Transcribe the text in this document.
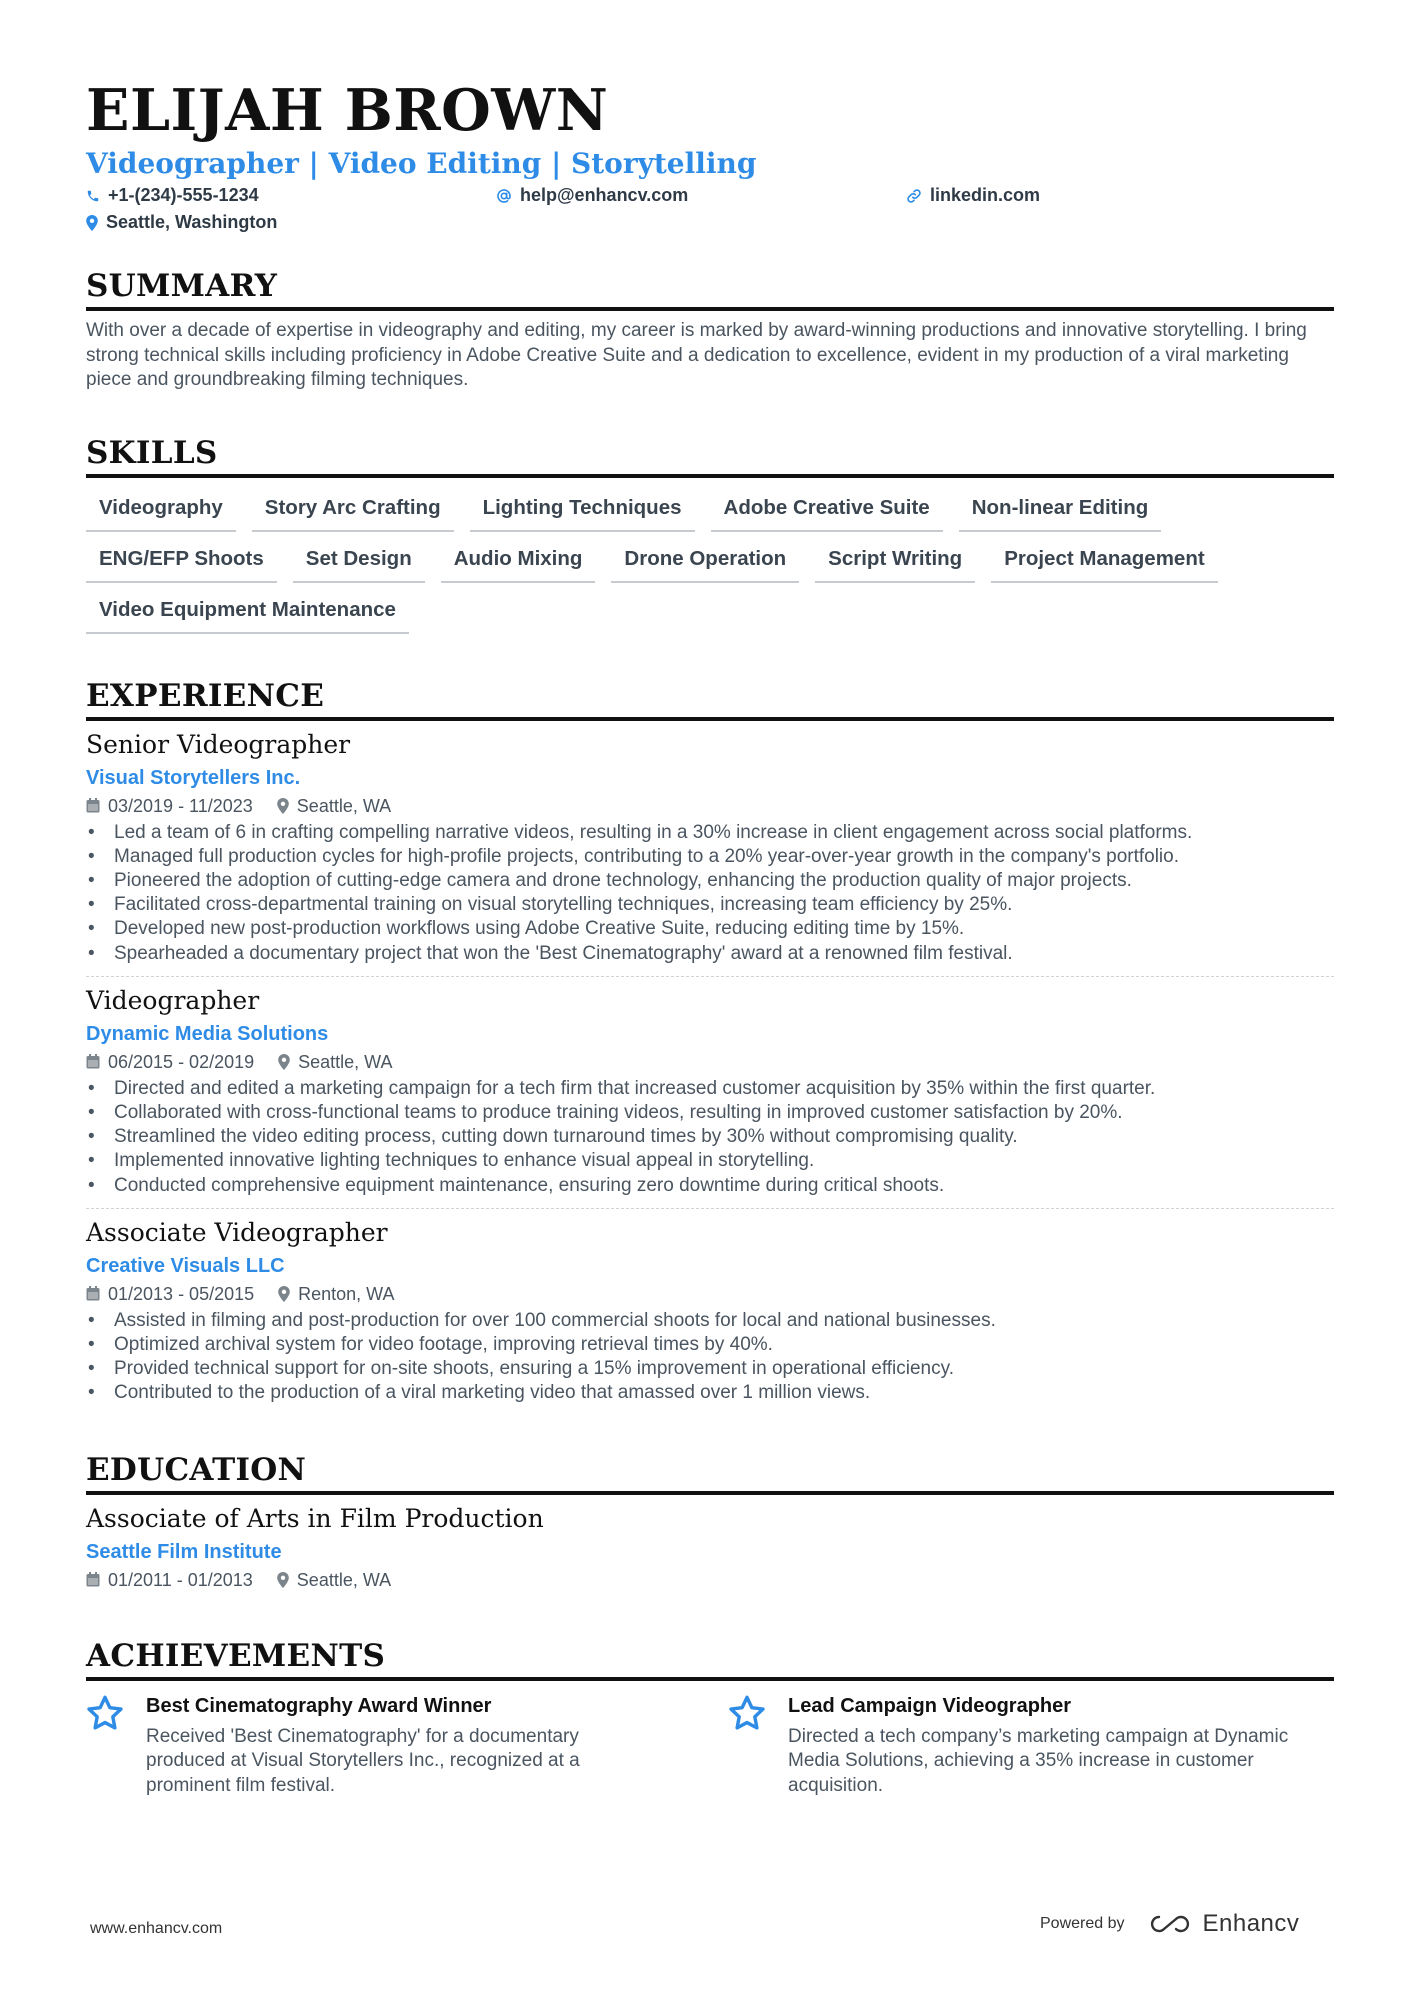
ELIJAH BROWN
Videographer | Video Editing | Storytelling
+1-(234)-555-1234	help@enhancv.com	linkedin.com
Seattle, Washington
SUMMARY

With over a decade of expertise in videography and editing, my career is marked by award-winning productions and innovative storytelling. I bring strong technical skills including proficiency in Adobe Creative Suite and a dedication to excellence, evident in my production of a viral marketing piece and groundbreaking filming techniques.

SKILLS
Videography	Story Arc Crafting	Lighting Techniques	Adobe Creative Suite	Non-linear Editing
ENG/EFP Shoots	Set Design	Audio Mixing	Drone Operation	Script Writing	Project Management
Video Equipment Maintenance
EXPERIENCE
Senior Videographer
Visual Storytellers Inc.
03/2019 - 11/2023 Seattle, WA
• Led a team of 6 in crafting compelling narrative videos, resulting in a 30% increase in client engagement across social platforms.
• Managed full production cycles for high-profile projects, contributing to a 20% year-over-year growth in the company's portfolio.
• Pioneered the adoption of cutting-edge camera and drone technology, enhancing the production quality of major projects.
• Facilitated cross-departmental training on visual storytelling techniques, increasing team efficiency by 25%.
• Developed new post-production workflows using Adobe Creative Suite, reducing editing time by 15%.
• Spearheaded a documentary project that won the 'Best Cinematography' award at a renowned film festival.
Videographer
Dynamic Media Solutions
06/2015 - 02/2019 Seattle, WA
• Directed and edited a marketing campaign for a tech firm that increased customer acquisition by 35% within the first quarter.
• Collaborated with cross-functional teams to produce training videos, resulting in improved customer satisfaction by 20%.
• Streamlined the video editing process, cutting down turnaround times by 30% without compromising quality.
• Implemented innovative lighting techniques to enhance visual appeal in storytelling.
• Conducted comprehensive equipment maintenance, ensuring zero downtime during critical shoots.
Associate Videographer
Creative Visuals LLC
01/2013 - 05/2015 Renton, WA
• Assisted in filming and post-production for over 100 commercial shoots for local and national businesses.
• Optimized archival system for video footage, improving retrieval times by 40%.
• Provided technical support for on-site shoots, ensuring a 15% improvement in operational efficiency.
• Contributed to the production of a viral marketing video that amassed over 1 million views.
EDUCATION
Associate of Arts in Film Production
Seattle Film Institute
01/2011 - 01/2013 Seattle, WA
ACHIEVEMENTS
Best Cinematography Award Winner
Received 'Best Cinematography' for a documentary produced at Visual Storytellers Inc., recognized at a prominent film festival.
Lead Campaign Videographer
Directed a tech company’s marketing campaign at Dynamic Media Solutions, achieving a 35% increase in customer acquisition.
www.enhancv.com	Powered by	Enhancv
